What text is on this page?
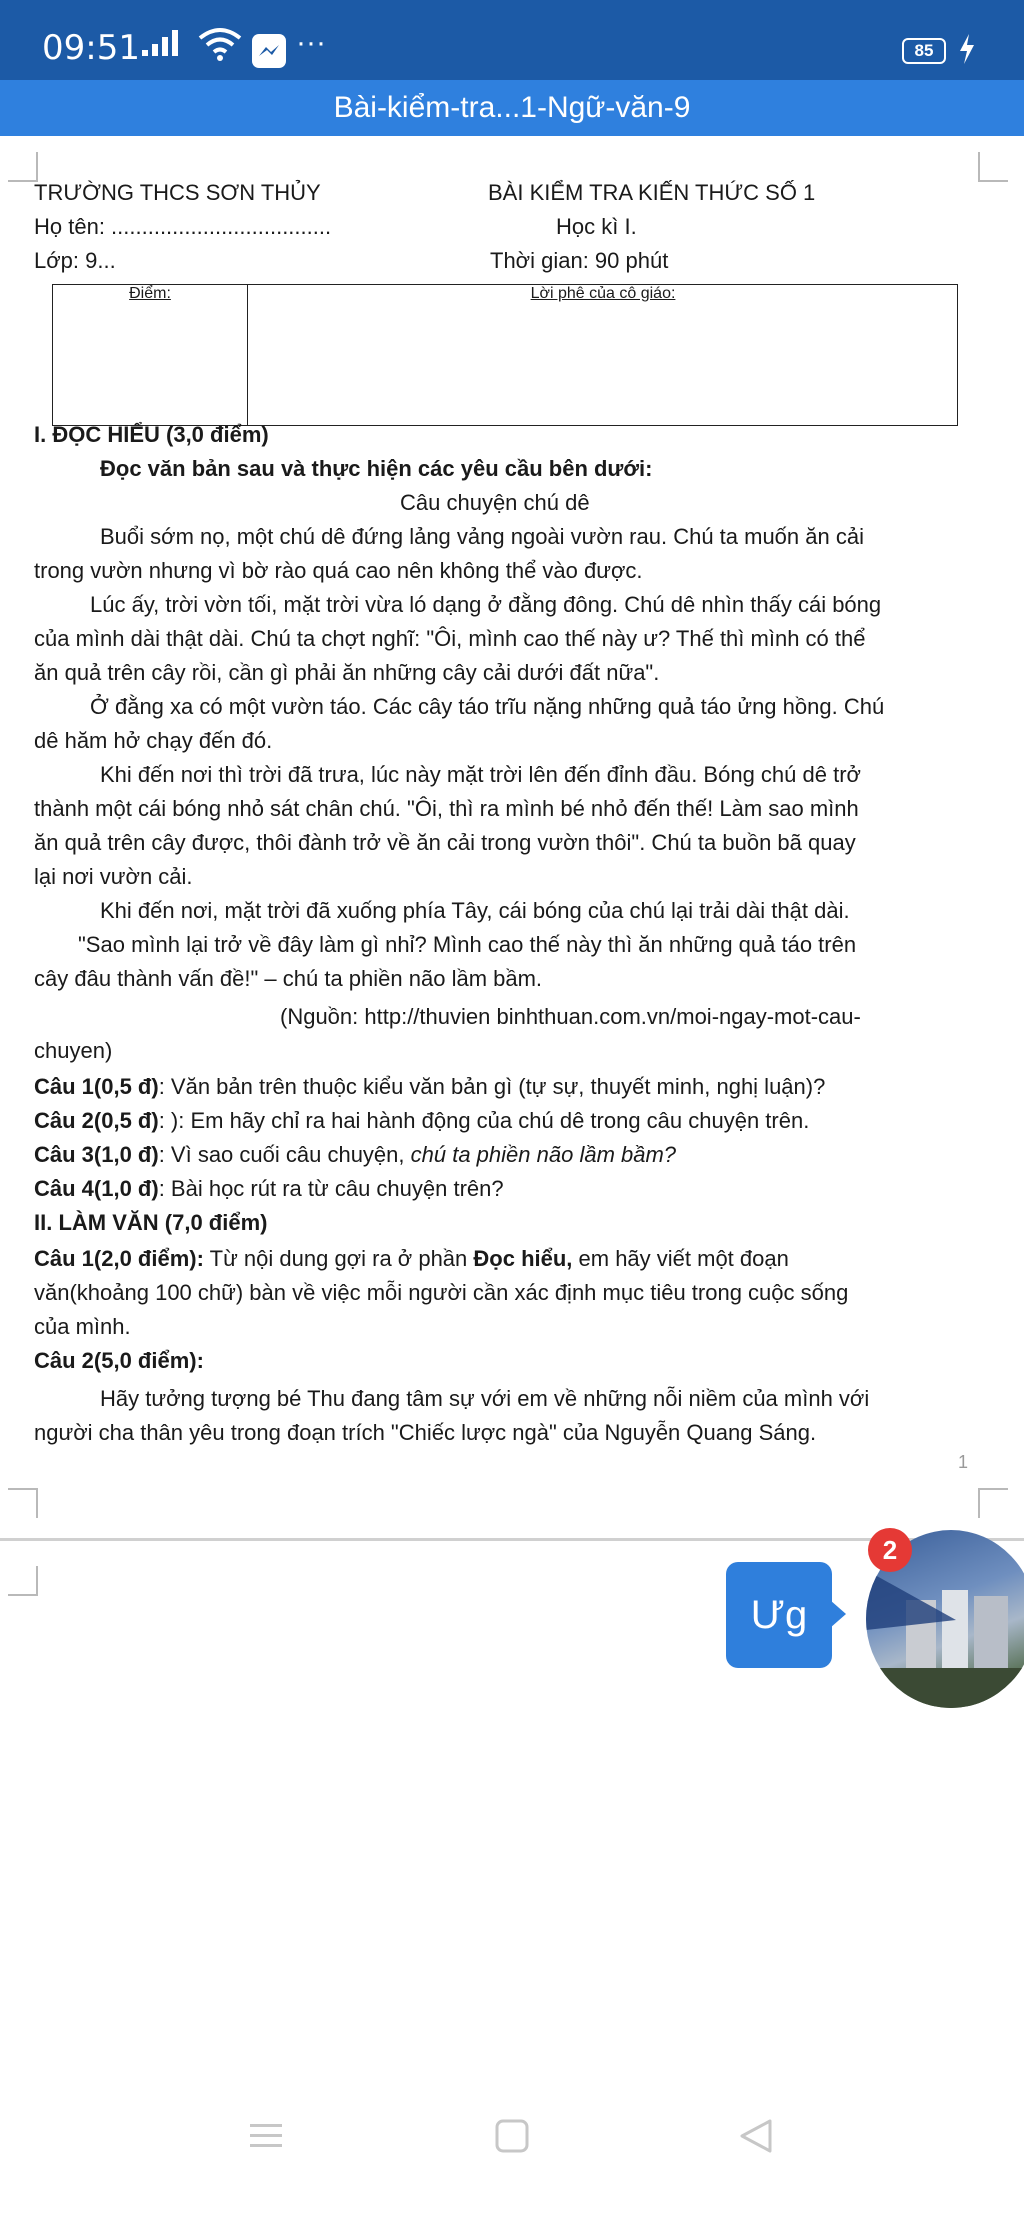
09:51	···	85
Bài-kiểm-tra...1-Ngữ-văn-9
TRƯỜNG THCS SƠN THỦY	BÀI KIỂM TRA KIẾN THỨC SỐ 1
Họ tên: ....................................	Học kì I.
Lớp: 9...	Thời gian: 90 phút
Điểm:	Lời phê của cô giáo:
I. ĐỌC HIỂU (3,0 điểm)
Đọc văn bản sau và thực hiện các yêu cầu bên dưới:
Câu chuyện chú dê
Buổi sớm nọ, một chú dê đứng lảng vảng ngoài vườn rau. Chú ta muốn ăn cải
trong vườn nhưng vì bờ rào quá cao nên không thể vào được.
Lúc ấy, trời vờn tối, mặt trời vừa ló dạng ở đằng đông. Chú dê nhìn thấy cái bóng
của mình dài thật dài. Chú ta chợt nghĩ: "Ôi, mình cao thế này ư? Thế thì mình có thể
ăn quả trên cây rồi, cần gì phải ăn những cây cải dưới đất nữa".
Ở đằng xa có một vườn táo. Các cây táo trĩu nặng những quả táo ửng hồng. Chú
dê hăm hở chạy đến đó.
Khi đến nơi thì trời đã trưa, lúc này mặt trời lên đến đỉnh đầu. Bóng chú dê trở
thành một cái bóng nhỏ sát chân chú. "Ôi, thì ra mình bé nhỏ đến thế! Làm sao mình
ăn quả trên cây được, thôi đành trở về ăn cải trong vườn thôi". Chú ta buồn bã quay
lại nơi vườn cải.
Khi đến nơi, mặt trời đã xuống phía Tây, cái bóng của chú lại trải dài thật dài.
"Sao mình lại trở về đây làm gì nhỉ? Mình cao thế này thì ăn những quả táo trên
cây đâu thành vấn đề!" – chú ta phiền não lầm bầm.
(Nguồn: http://thuvien binhthuan.com.vn/moi-ngay-mot-cau-
chuyen)
Câu 1(0,5 đ): Văn bản trên thuộc kiểu văn bản gì (tự sự, thuyết minh, nghị luận)?
Câu 2(0,5 đ): ): Em hãy chỉ ra hai hành động của chú dê trong câu chuyện trên.
Câu 3(1,0 đ): Vì sao cuối câu chuyện, chú ta phiền não lầm bầm?
Câu 4(1,0 đ): Bài học rút ra từ câu chuyện trên?
II. LÀM VĂN (7,0 điểm)
Câu 1(2,0 điểm): Từ nội dung gợi ra ở phần Đọc hiểu, em hãy viết một đoạn
văn(khoảng 100 chữ) bàn về việc mỗi người cần xác định mục tiêu trong cuộc sống
của mình.
Câu 2(5,0 điểm):
Hãy tưởng tượng bé Thu đang tâm sự với em về những nỗi niềm của mình với
người cha thân yêu trong đoạn trích "Chiếc lược ngà" của Nguyễn Quang Sáng.
1
Ưg
2
